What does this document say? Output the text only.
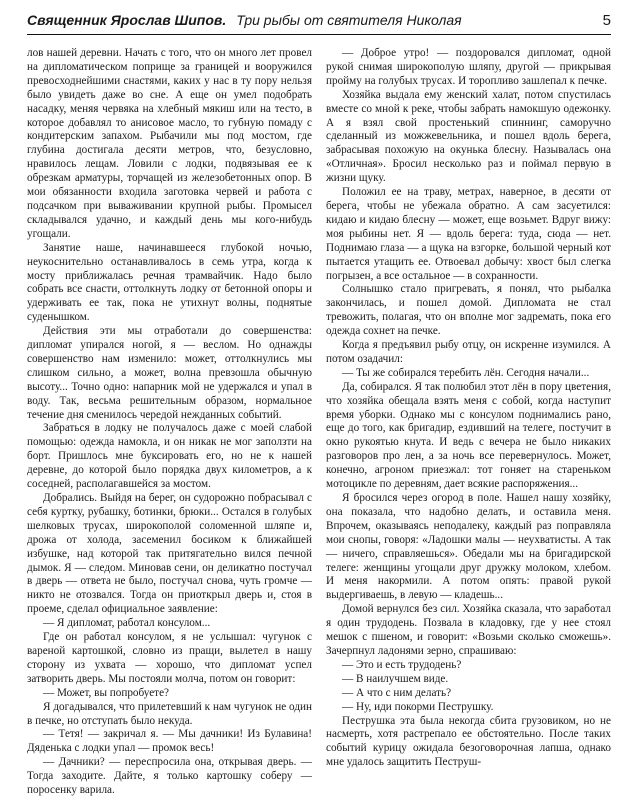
Священник Ярослав Шипов. Три рыбы от святителя Николая	5

лов нашей деревни. Начать с того, что он много лет провел на дипломатическом поприще за границей и вооружился превосходнейшими снастями, каких у нас в ту пору нельзя было увидеть даже во сне. А еще он умел подобрать насадку, меняя червяка на хлебный мякиш или на тесто, в которое добавлял то анисовое масло, то губную помаду с кондитерским запахом. Рыбачили мы под мостом, где глубина достигала десяти метров, что, безусловно, нравилось лещам. Ловили с лодки, подвязывая ее к обрезкам арматуры, торчащей из железобетонных опор. В мои обязанности входила заготовка червей и работа с подсачком при вываживании крупной рыбы. Промысел складывался удачно, и каждый день мы кого-нибудь угощали.

Занятие наше, начинавшееся глубокой ночью, неукоснительно останавливалось в семь утра, когда к мосту приближалась речная трамвайчик. Надо было собрать все снасти, оттолкнуть лодку от бетонной опоры и удерживать ее так, пока не утихнут волны, поднятые суденышком.

Действия эти мы отработали до совершенства: дипломат упирался ногой, я — веслом. Но однажды совершенство нам изменило: может, оттолкнулись мы слишком сильно, а может, волна превзошла обычную высоту... Точно одно: напарник мой не удержался и упал в воду. Так, весьма решительным образом, нормальное течение дня сменилось чередой нежданных событий.

Забраться в лодку не получалось даже с моей слабой помощью: одежда намокла, и он никак не мог заползти на борт. Пришлось мне буксировать его, но не к нашей деревне, до которой было порядка двух километров, а к соседней, располагавшейся за мостом.

Добрались. Выйдя на берег, он судорожно побрасывал с себя куртку, рубашку, ботинки, брюки... Остался в голубых шелковых трусах, широкополой соломенной шляпе и, дрожа от холода, засеменил босиком к ближайшей избушке, над которой так притягательно вился печной дымок. Я — следом. Миновав сени, он деликатно постучал в дверь — ответа не было, постучал снова, чуть громче — никто не отозвался. Тогда он приоткрыл дверь и, стоя в проеме, сделал официальное заявление:

— Я дипломат, работал консулом...

Где он работал консулом, я не услышал: чугунок с вареной картошкой, словно из пращи, вылетел в нашу сторону из ухвата — хорошо, что дипломат успел затворить дверь. Мы постояли молча, потом он говорит:

— Может, вы попробуете?

Я догадывался, что прилетевший к нам чугунок не один в печке, но отступать было некуда.

— Тетя! — закричал я. — Мы дачники! Из Булавина! Дяденька с лодки упал — промок весь!

— Дачники? — переспросила она, открывая дверь. — Тогда заходите. Дайте, я только картошку соберу — поросенку варила.

— Доброе утро! — поздоровался дипломат, одной рукой снимая широкополую шляпу, другой — прикрывая пройму на голубых трусах. И торопливо зашлепал к печке.

Хозяйка выдала ему женский халат, потом спустилась вместе со мной к реке, чтобы забрать намокшую одежонку. А я взял свой простенький спиннинг, саморучно сделанный из можжевельника, и пошел вдоль берега, забрасывая похожую на окунька блесну. Называлась она «Отличная». Бросил несколько раз и поймал первую в жизни щуку.

Положил ее на траву, метрах, наверное, в десяти от берега, чтобы не убежала обратно. А сам засуетился: кидаю и кидаю блесну — может, еще возьмет. Вдруг вижу: моя рыбины нет. Я — вдоль берега: туда, сюда — нет. Поднимаю глаза — а щука на взгорке, большой черный кот пытается утащить ее. Отвоевал добычу: хвост был слегка погрызен, а все остальное — в сохранности.

Солнышко стало пригревать, я понял, что рыбалка закончилась, и пошел домой. Дипломата не стал тревожить, полагая, что он вполне мог задремать, пока его одежда сохнет на печке.

Когда я предъявил рыбу отцу, он искренне изумился. А потом озадачил:

— Ты же собирался теребить лён. Сегодня начали...

Да, собирался. Я так полюбил этот лён в пору цветения, что хозяйка обещала взять меня с собой, когда наступит время уборки. Однако мы с консулом поднимались рано, еще до того, как бригадир, ездивший на телеге, постучит в окно рукоятью кнута. И ведь с вечера не было никаких разговоров про лен, а за ночь все перевернулось. Может, конечно, агроном приезжал: тот гоняет на стареньком мотоцикле по деревням, дает всякие распоряжения...

Я бросился через огород в поле. Нашел нашу хозяйку, она показала, что надобно делать, и оставила меня. Впрочем, оказываясь неподалеку, каждый раз поправляла мои снопы, говоря: «Ладошки малы — неухватисты. А так — ничего, справляешься». Обедали мы на бригадирской телеге: женщины угощали друг дружку молоком, хлебом. И меня накормили. А потом опять: правой рукой выдергиваешь, в левую — кладешь...

Домой вернулся без сил. Хозяйка сказала, что заработал я один трудодень. Позвала в кладовку, где у нее стоял мешок с пшеном, и говорит: «Возьми сколько сможешь». Зачерпнул ладонями зерно, спрашиваю:

— Это и есть трудодень?

— В наилучшем виде.

— А что с ним делать?

— Ну, иди покорми Пеструшку.

Пеструшка эта была некогда сбита грузовиком, но не насмерть, хотя растрепало ее обстоятельно. После таких событий курицу ожидала безоговорочная лапша, однако мне удалось защитить Пеструш-
